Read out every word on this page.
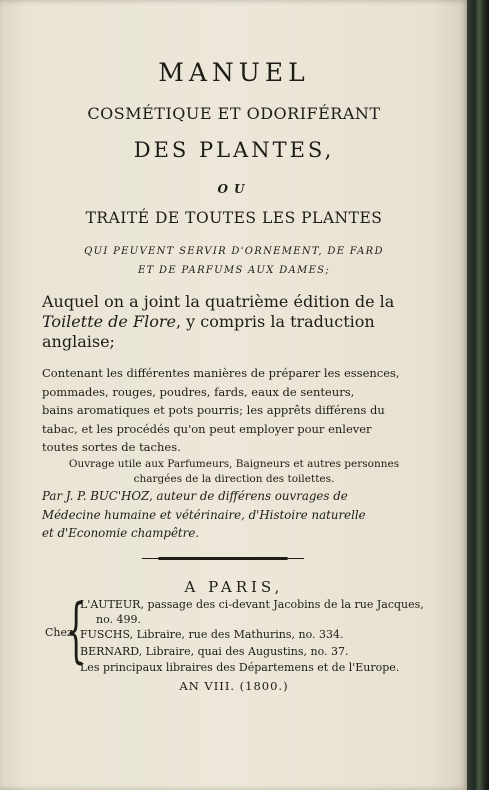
MANUEL
COSMÉTIQUE ET ODORIFÉRANT
DES PLANTES,
OU
TRAITÉ DE TOUTES LES PLANTES
QUI PEUVENT SERVIR D'ORNEMENT, DE FARD
ET DE PARFUMS AUX DAMES;
Auquel on a joint la quatrième édition de la
Toilette de Flore, y compris la traduction
anglaise;
Contenant les différentes manières de préparer les essences,
pommades, rouges, poudres, fards, eaux de senteurs,
bains aromatiques et pots pourris; les apprêts différens du
tabac, et les procédés qu'on peut employer pour enlever
toutes sortes de taches.
Ouvrage utile aux Parfumeurs, Baigneurs et autres personnes
chargées de la direction des toilettes.
Par J. P. BUC'HOZ, auteur de différens ouvrages de
Médecine humaine et vétérinaire, d'Histoire naturelle
et d'Economie champêtre.
A PARIS,
Chez
{
L'AUTEUR, passage des ci-devant Jacobins de la rue Jacques,
no. 499.
FUSCHS, Libraire, rue des Mathurins, no. 334.
BERNARD, Libraire, quai des Augustins, no. 37.
Les principaux libraires des Départemens et de l'Europe.
AN VIII. (1800.)
